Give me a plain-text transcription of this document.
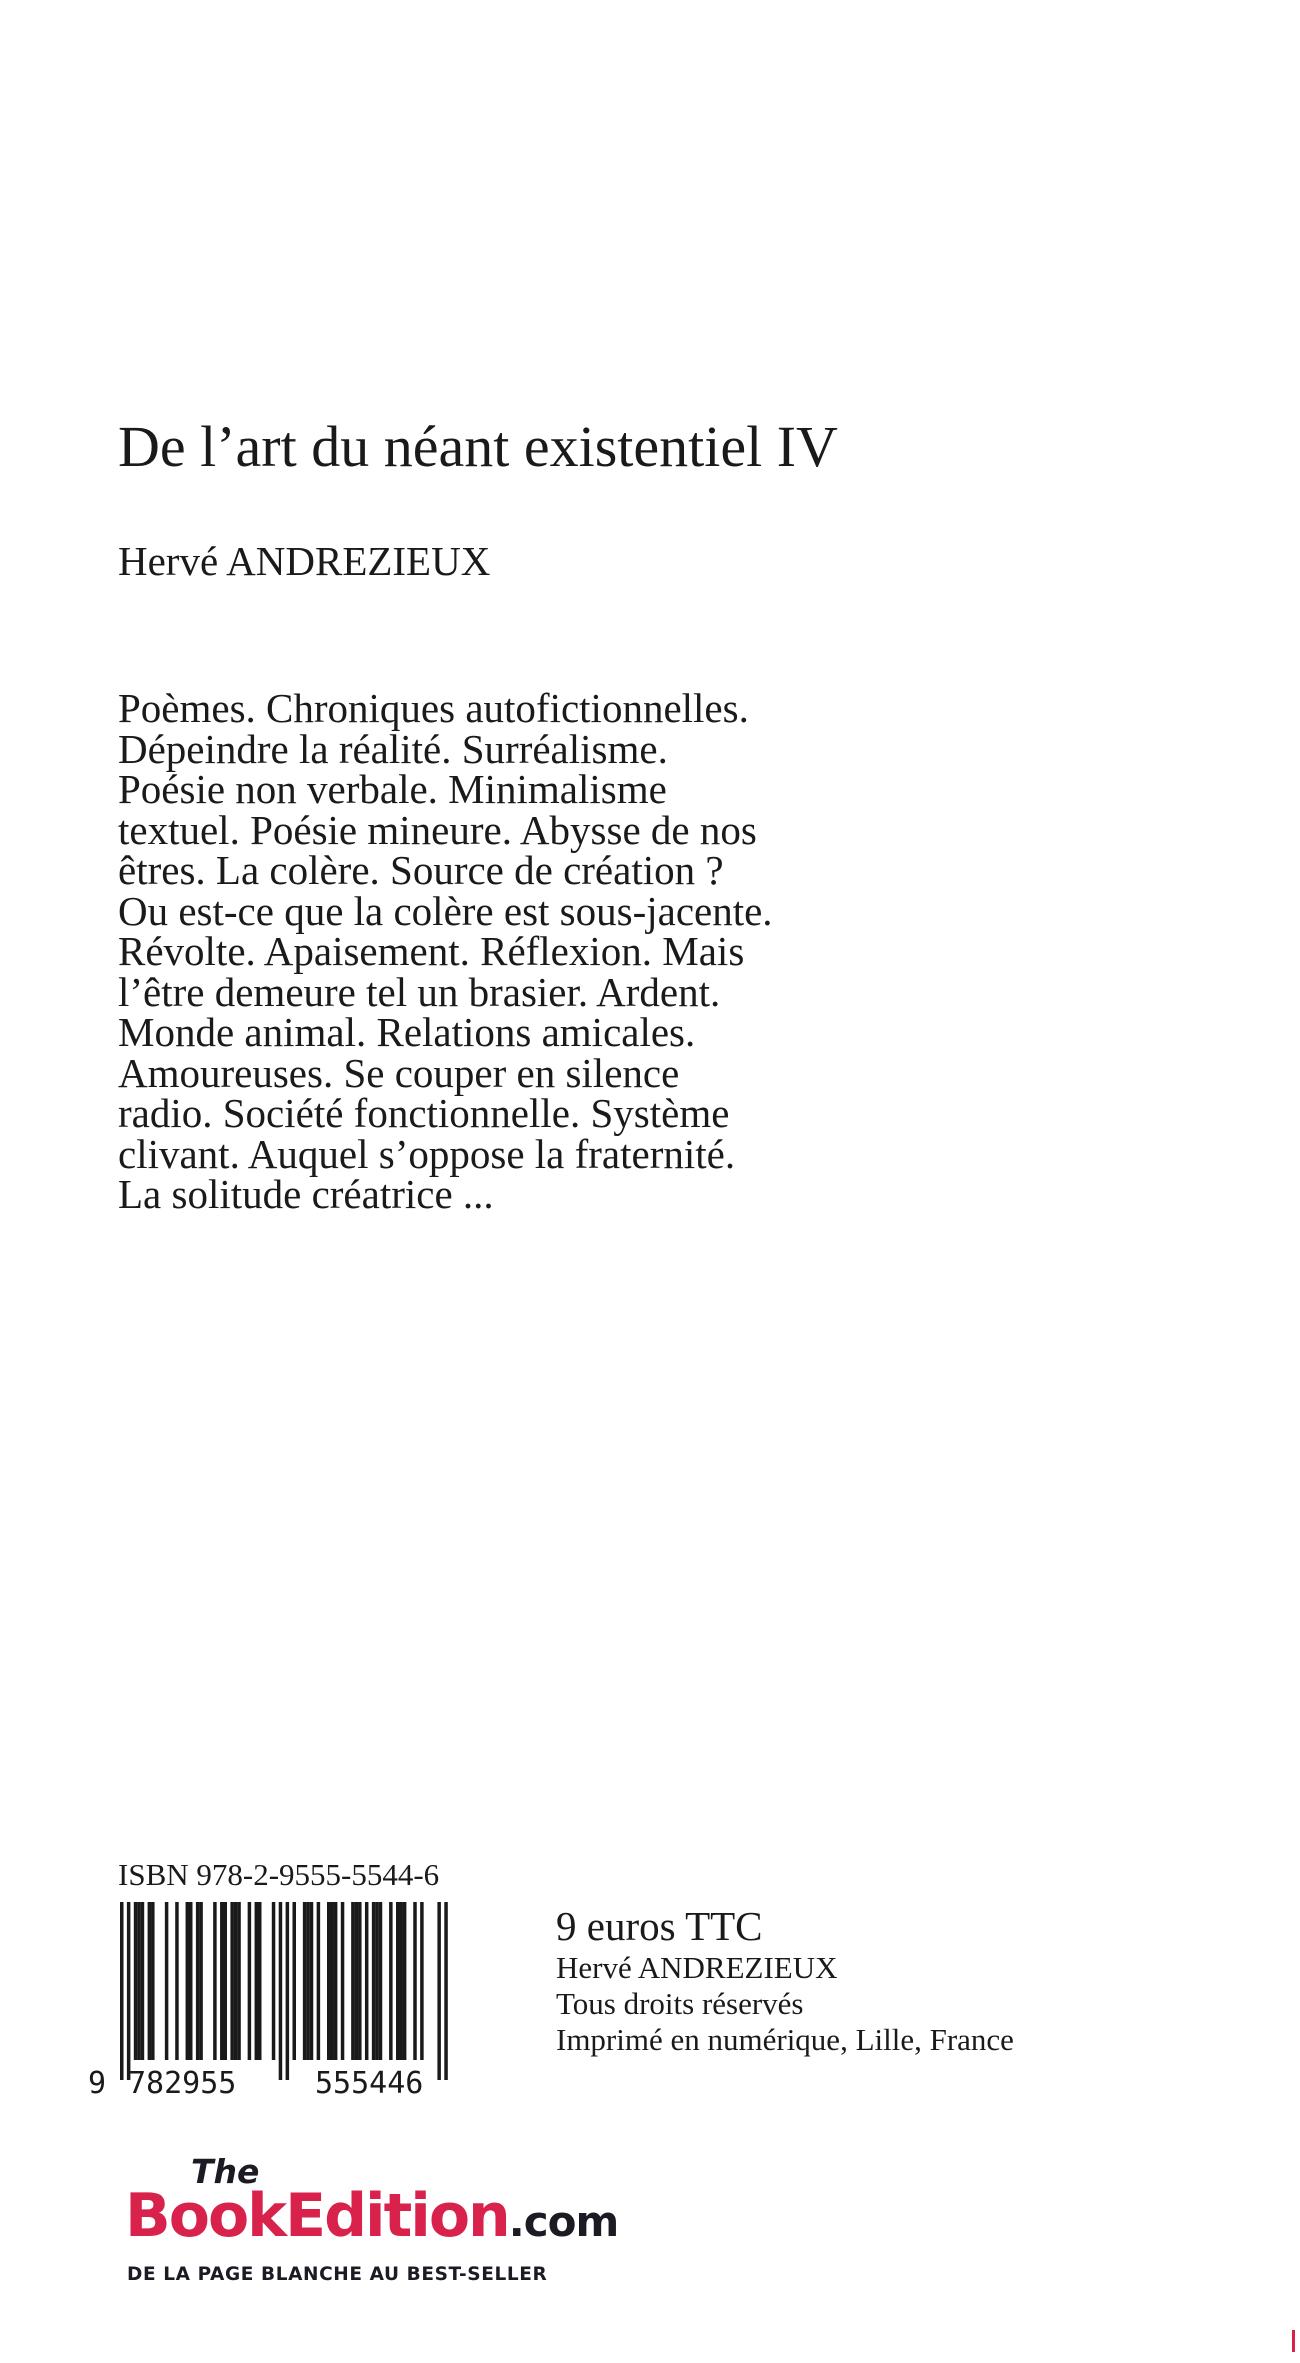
De l’art du néant existentiel IV
Hervé ANDREZIEUX

Poèmes. Chroniques autofictionnelles.
Dépeindre la réalité. Surréalisme.
Poésie non verbale. Minimalisme
textuel. Poésie mineure. Abysse de nos
êtres. La colère. Source de création ?
Ou est-ce que la colère est sous-jacente.
Révolte. Apaisement. Réflexion. Mais
l’être demeure tel un brasier. Ardent.
Monde animal. Relations amicales.
Amoureuses. Se couper en silence
radio. Société fonctionnelle. Système
clivant. Auquel s’oppose la fraternité.
La solitude créatrice ...

ISBN 978-2-9555-5544-6
9 782955	555446
9 euros TTC
Hervé ANDREZIEUX
Tous droits réservés
Imprimé en numérique, Lille, France
The
BookEdition.com
DE LA PAGE BLANCHE AU BEST-SELLER
